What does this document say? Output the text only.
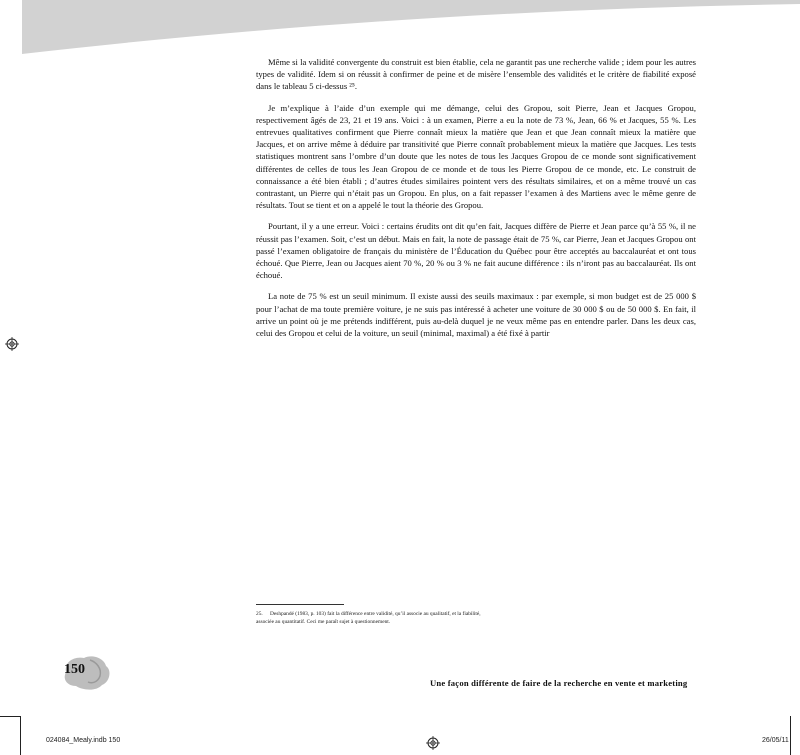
Même si la validité convergente du construit est bien établie, cela ne garantit pas une recherche valide ; idem pour les autres types de validité. Idem si on réussit à confirmer de peine et de misère l’ensemble des validités et le critère de fiabilité exposé dans le tableau 5 ci-dessus ²⁵.

Je m’explique à l’aide d’un exemple qui me démange, celui des Gropou, soit Pierre, Jean et Jacques Gropou, respectivement âgés de 23, 21 et 19 ans. Voici : à un examen, Pierre a eu la note de 73 %, Jean, 66 % et Jacques, 55 %. Les entrevues qualitatives confirment que Pierre connaît mieux la matière que Jean et que Jean connaît mieux la matière que Jacques, et on arrive même à déduire par transitivité que Pierre connaît probablement mieux la matière que Jacques. Les tests statistiques montrent sans l’ombre d’un doute que les notes de tous les Jacques Gropou de ce monde sont significativement différentes de celles de tous les Jean Gropou de ce monde et de tous les Pierre Gropou de ce monde, etc. Le construit de connaissance a été bien établi ; d’autres études similaires pointent vers des résultats similaires, et on a même trouvé un cas contrastant, un Pierre qui n’était pas un Gropou. En plus, on a fait repasser l’examen à des Martiens avec le même genre de résultats. Tout se tient et on a appelé le tout la théorie des Gropou.

Pourtant, il y a une erreur. Voici : certains érudits ont dit qu’en fait, Jacques diffère de Pierre et Jean parce qu’à 55 %, il ne réussit pas l’examen. Soit, c’est un début. Mais en fait, la note de passage était de 75 %, car Pierre, Jean et Jacques Gropou ont passé l’examen obligatoire de français du ministère de l’Éducation du Québec pour être acceptés au baccalauréat et ont tous échoué. Que Pierre, Jean ou Jacques aient 70 %, 20 % ou 3 % ne fait aucune différence : ils n’iront pas au baccalauréat. Ils ont échoué.

La note de 75 % est un seuil minimum. Il existe aussi des seuils maximaux : par exemple, si mon budget est de 25 000 $ pour l’achat de ma toute première voiture, je ne suis pas intéressé à acheter une voiture de 30 000 $ ou de 50 000 $. En fait, il arrive un point où je me prétends indifférent, puis au-delà duquel je ne veux même pas en entendre parler. Dans les deux cas, celui des Gropou et celui de la voiture, un seuil (minimal, maximal) a été fixé à partir

25. Deshpandé (1983, p. 103) fait la différence entre validité, qu’il associe au qualitatif, et la fiabilité, associée au quantitatif. Ceci me paraît sujet à questionnement.
150
Une façon différente de faire de la recherche en vente et marketing
024084_Mealy.indb 150	26/05/11
